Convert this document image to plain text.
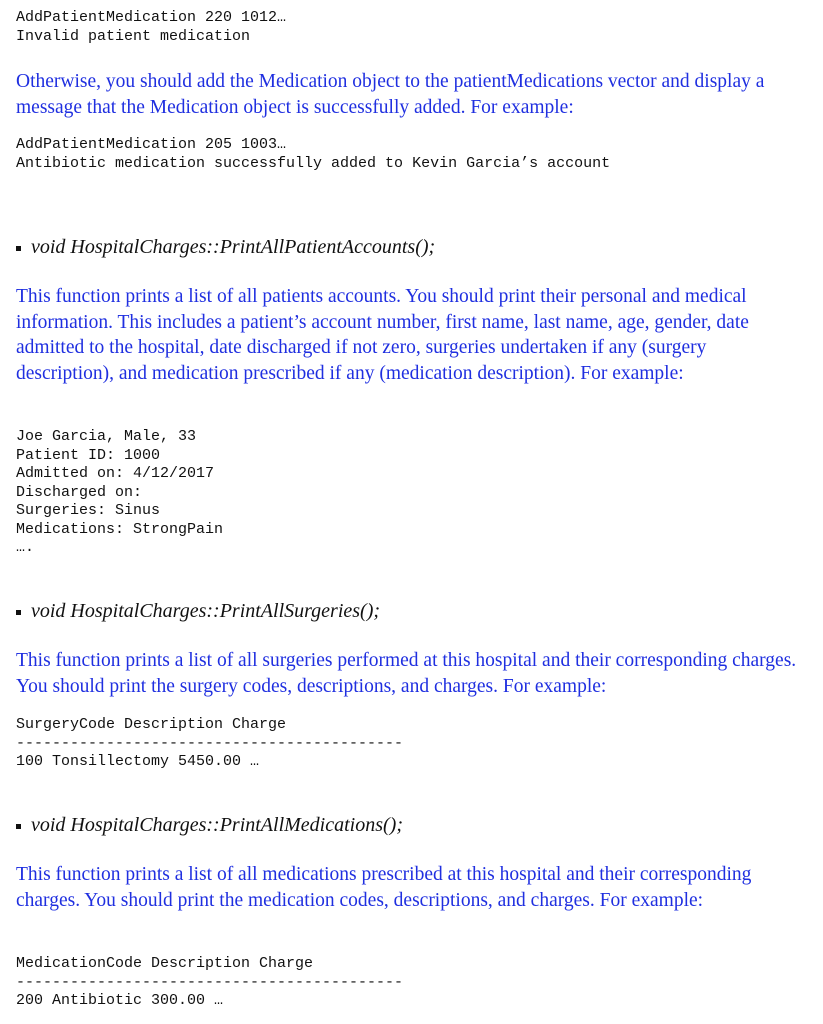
AddPatientMedication 220 1012…
Invalid patient medication

Otherwise, you should add the Medication object to the patientMedications vector and display a message that the Medication object is successfully added. For example:

AddPatientMedication 205 1003…
Antibiotic medication successfully added to Kevin Garcia’s account
void HospitalCharges::PrintAllPatientAccounts();

This function prints a list of all patients accounts. You should print their personal and medical information. This includes a patient’s account number, first name, last name, age, gender, date admitted to the hospital, date discharged if not zero, surgeries undertaken if any (surgery description), and medication prescribed if any (medication description). For example:

Joe Garcia, Male, 33
Patient ID: 1000
Admitted on: 4/12/2017
Discharged on:
Surgeries: Sinus
Medications: StrongPain
….
void HospitalCharges::PrintAllSurgeries();

This function prints a list of all surgeries performed at this hospital and their corresponding charges. You should print the surgery codes, descriptions, and charges. For example:

SurgeryCode Description Charge
-------------------------------------------
100 Tonsillectomy 5450.00 …
void HospitalCharges::PrintAllMedications();

This function prints a list of all medications prescribed at this hospital and their corresponding charges. You should print the medication codes, descriptions, and charges. For example:

MedicationCode Description Charge
-------------------------------------------
200 Antibiotic 300.00 …
